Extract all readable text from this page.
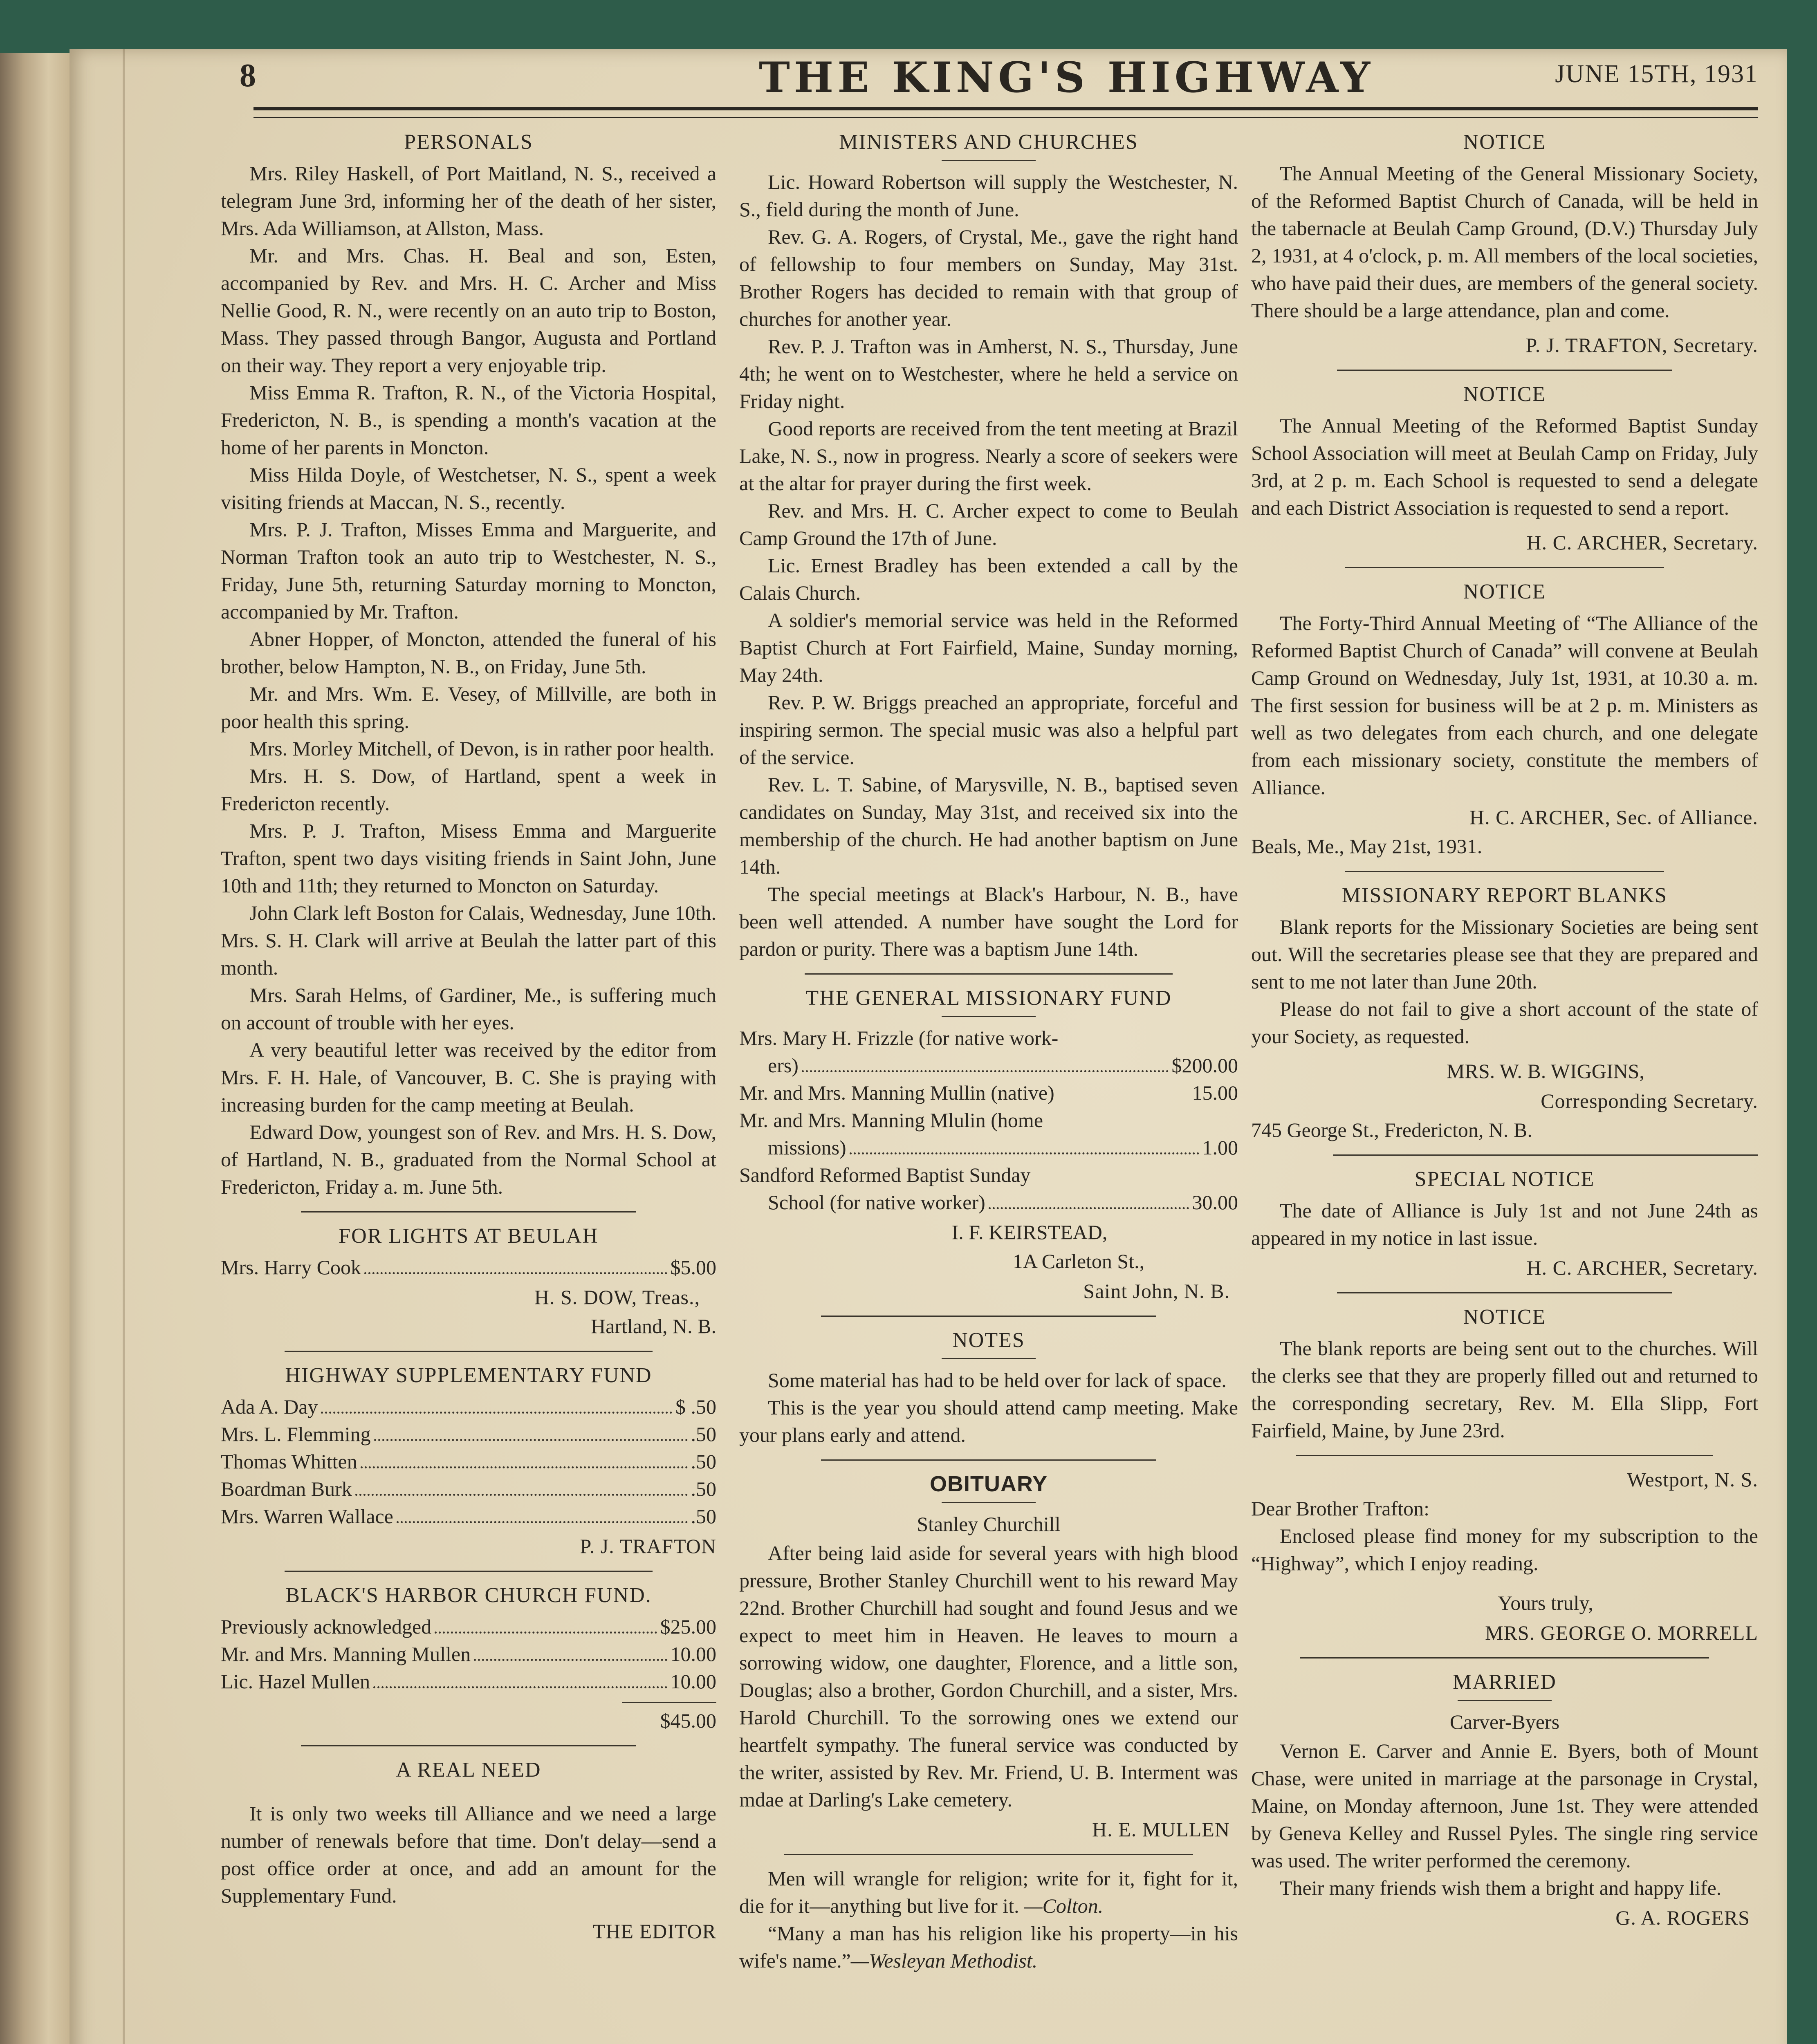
8	THE KING'S HIGHWAY	JUNE 15TH, 1931
PERSONALS

Mrs. Riley Haskell, of Port Maitland, N. S., received a telegram June 3rd, informing her of the death of her sister, Mrs. Ada Williamson, at Allston, Mass.

Mr. and Mrs. Chas. H. Beal and son, Esten, accompanied by Rev. and Mrs. H. C. Archer and Miss Nellie Good, R. N., were recently on an auto trip to Boston, Mass. They passed through Bangor, Augusta and Portland on their way. They report a very enjoyable trip.

Miss Emma R. Trafton, R. N., of the Victoria Hospital, Fredericton, N. B., is spending a month's vacation at the home of her parents in Moncton.

Miss Hilda Doyle, of Westchetser, N. S., spent a week visiting friends at Maccan, N. S., recently.

Mrs. P. J. Trafton, Misses Emma and Marguerite, and Norman Trafton took an auto trip to Westchester, N. S., Friday, June 5th, returning Saturday morning to Moncton, accompanied by Mr. Trafton.

Abner Hopper, of Moncton, attended the funeral of his brother, below Hampton, N. B., on Friday, June 5th.

Mr. and Mrs. Wm. E. Vesey, of Millville, are both in poor health this spring.

Mrs. Morley Mitchell, of Devon, is in rather poor health.

Mrs. H. S. Dow, of Hartland, spent a week in Fredericton recently.

Mrs. P. J. Trafton, Misess Emma and Marguerite Trafton, spent two days visiting friends in Saint John, June 10th and 11th; they returned to Moncton on Saturday.

John Clark left Boston for Calais, Wednesday, June 10th. Mrs. S. H. Clark will arrive at Beulah the latter part of this month.

Mrs. Sarah Helms, of Gardiner, Me., is suffering much on account of trouble with her eyes.

A very beautiful letter was received by the editor from Mrs. F. H. Hale, of Vancouver, B. C. She is praying with increasing burden for the camp meeting at Beulah.

Edward Dow, youngest son of Rev. and Mrs. H. S. Dow, of Hartland, N. B., graduated from the Normal School at Fredericton, Friday a. m. June 5th.

FOR LIGHTS AT BEULAH
Mrs. Harry Cook	$5.00
H. S. DOW, Treas.,
Hartland, N. B.
HIGHWAY SUPPLEMENTARY FUND
Ada A. Day	$ .50
Mrs. L. Flemming	.50
Thomas Whitten	.50
Boardman Burk	.50
Mrs. Warren Wallace	.50
P. J. TRAFTON
BLACK'S HARBOR CHURCH FUND.
Previously acknowledged	$25.00
Mr. and Mrs. Manning Mullen	10.00
Lic. Hazel Mullen	10.00
$45.00
A REAL NEED

It is only two weeks till Alliance and we need a large number of renewals before that time. Don't delay—send a post office order at once, and add an amount for the Supplementary Fund.

THE EDITOR
MINISTERS AND CHURCHES

Lic. Howard Robertson will supply the Westchester, N. S., field during the month of June.

Rev. G. A. Rogers, of Crystal, Me., gave the right hand of fellowship to four members on Sunday, May 31st. Brother Rogers has decided to remain with that group of churches for another year.

Rev. P. J. Trafton was in Amherst, N. S., Thursday, June 4th; he went on to Westchester, where he held a service on Friday night.

Good reports are received from the tent meeting at Brazil Lake, N. S., now in progress. Nearly a score of seekers were at the altar for prayer during the first week.

Rev. and Mrs. H. C. Archer expect to come to Beulah Camp Ground the 17th of June.

Lic. Ernest Bradley has been extended a call by the Calais Church.

A soldier's memorial service was held in the Reformed Baptist Church at Fort Fairfield, Maine, Sunday morning, May 24th.

Rev. P. W. Briggs preached an appropriate, forceful and inspiring sermon. The special music was also a helpful part of the service.

Rev. L. T. Sabine, of Marysville, N. B., baptised seven candidates on Sunday, May 31st, and received six into the membership of the church. He had another baptism on June 14th.

The special meetings at Black's Harbour, N. B., have been well attended. A number have sought the Lord for pardon or purity. There was a baptism June 14th.

THE GENERAL MISSIONARY FUND
Mrs. Mary H. Frizzle (for native work-
ers)	$200.00
Mr. and Mrs. Manning Mullin (native)	15.00
Mr. and Mrs. Manning Mlulin (home
missions)	1.00
Sandford Reformed Baptist Sunday
School (for native worker)	30.00
I. F. KEIRSTEAD,
1A Carleton St.,
Saint John, N. B.
NOTES

Some material has had to be held over for lack of space.

This is the year you should attend camp meeting. Make your plans early and attend.

OBITUARY
Stanley Churchill

After being laid aside for several years with high blood pressure, Brother Stanley Churchill went to his reward May 22nd. Brother Churchill had sought and found Jesus and we expect to meet him in Heaven. He leaves to mourn a sorrowing widow, one daughter, Florence, and a little son, Douglas; also a brother, Gordon Churchill, and a sister, Mrs. Harold Churchill. To the sorrowing ones we extend our heartfelt sympathy. The funeral service was conducted by the writer, assisted by Rev. Mr. Friend, U. B. Interment was mdae at Darling's Lake cemetery.

H. E. MULLEN

Men will wrangle for religion; write for it, fight for it, die for it—anything but live for it. —Colton.

“Many a man has his religion like his property—in his wife's name.”—Wesleyan Methodist.

NOTICE

The Annual Meeting of the General Missionary Society, of the Reformed Baptist Church of Canada, will be held in the tabernacle at Beulah Camp Ground, (D.V.) Thursday July 2, 1931, at 4 o'clock, p. m. All members of the local societies, who have paid their dues, are members of the general society. There should be a large attendance, plan and come.

P. J. TRAFTON, Secretary.
NOTICE

The Annual Meeting of the Reformed Baptist Sunday School Association will meet at Beulah Camp on Friday, July 3rd, at 2 p. m. Each School is requested to send a delegate and each District Association is requested to send a report.

H. C. ARCHER, Secretary.
NOTICE

The Forty-Third Annual Meeting of “The Alliance of the Reformed Baptist Church of Canada” will convene at Beulah Camp Ground on Wednesday, July 1st, 1931, at 10.30 a. m. The first session for business will be at 2 p. m. Ministers as well as two delegates from each church, and one delegate from each missionary society, constitute the members of Alliance.

H. C. ARCHER, Sec. of Alliance.
Beals, Me., May 21st, 1931.
MISSIONARY REPORT BLANKS

Blank reports for the Missionary Societies are being sent out. Will the secretaries please see that they are prepared and sent to me not later than June 20th.

Please do not fail to give a short account of the state of your Society, as requested.

MRS. W. B. WIGGINS,
Corresponding Secretary.
745 George St., Fredericton, N. B.
SPECIAL NOTICE

The date of Alliance is July 1st and not June 24th as appeared in my notice in last issue.

H. C. ARCHER, Secretary.
NOTICE

The blank reports are being sent out to the churches. Will the clerks see that they are properly filled out and returned to the corresponding secretary, Rev. M. Ella Slipp, Fort Fairfield, Maine, by June 23rd.

Westport, N. S.
Dear Brother Trafton:

Enclosed please find money for my subscription to the “Highway”, which I enjoy reading.

Yours truly,
MRS. GEORGE O. MORRELL
MARRIED
Carver-Byers

Vernon E. Carver and Annie E. Byers, both of Mount Chase, were united in marriage at the parsonage in Crystal, Maine, on Monday afternoon, June 1st. They were attended by Geneva Kelley and Russel Pyles. The single ring service was used. The writer performed the ceremony.

Their many friends wish them a bright and happy life.

G. A. ROGERS
